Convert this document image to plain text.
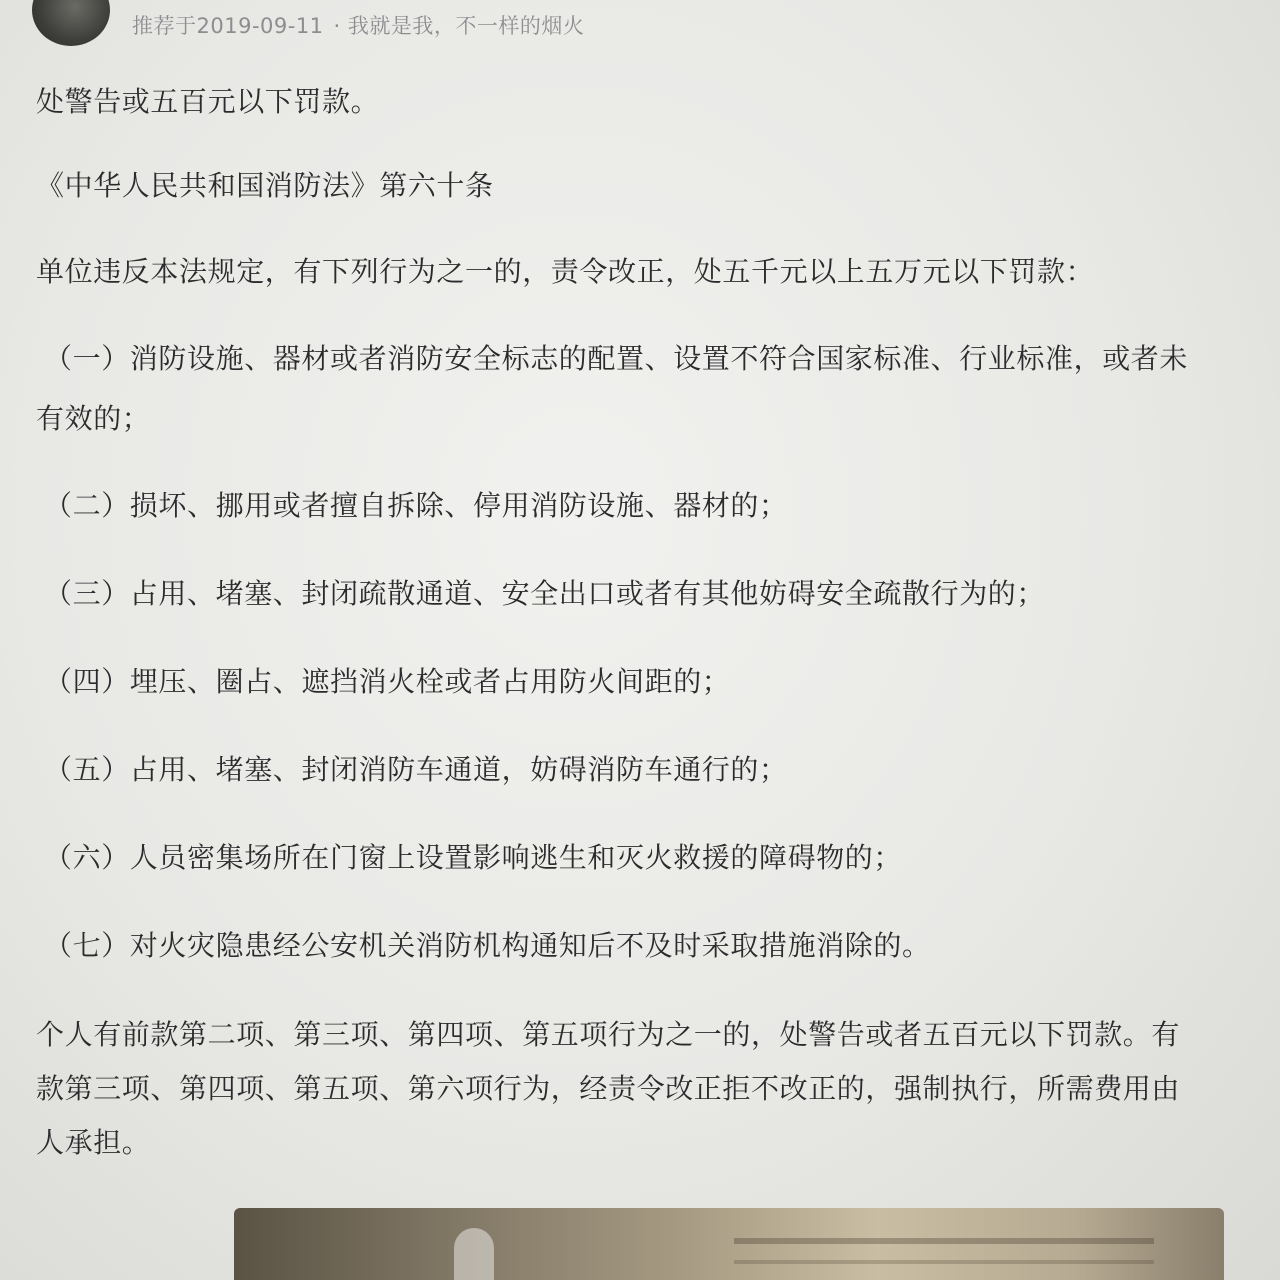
推荐于2019-09-11 · 我就是我，不一样的烟火
处警告或五百元以下罚款。
《中华人民共和国消防法》第六十条
单位违反本法规定，有下列行为之一的，责令改正，处五千元以上五万元以下罚款：
（一）消防设施、器材或者消防安全标志的配置、设置不符合国家标准、行业标准，或者未
有效的；
（二）损坏、挪用或者擅自拆除、停用消防设施、器材的；
（三）占用、堵塞、封闭疏散通道、安全出口或者有其他妨碍安全疏散行为的；
（四）埋压、圈占、遮挡消火栓或者占用防火间距的；
（五）占用、堵塞、封闭消防车通道，妨碍消防车通行的；
（六）人员密集场所在门窗上设置影响逃生和灭火救援的障碍物的；
（七）对火灾隐患经公安机关消防机构通知后不及时采取措施消除的。
个人有前款第二项、第三项、第四项、第五项行为之一的，处警告或者五百元以下罚款。有
款第三项、第四项、第五项、第六项行为，经责令改正拒不改正的，强制执行，所需费用由
人承担。
